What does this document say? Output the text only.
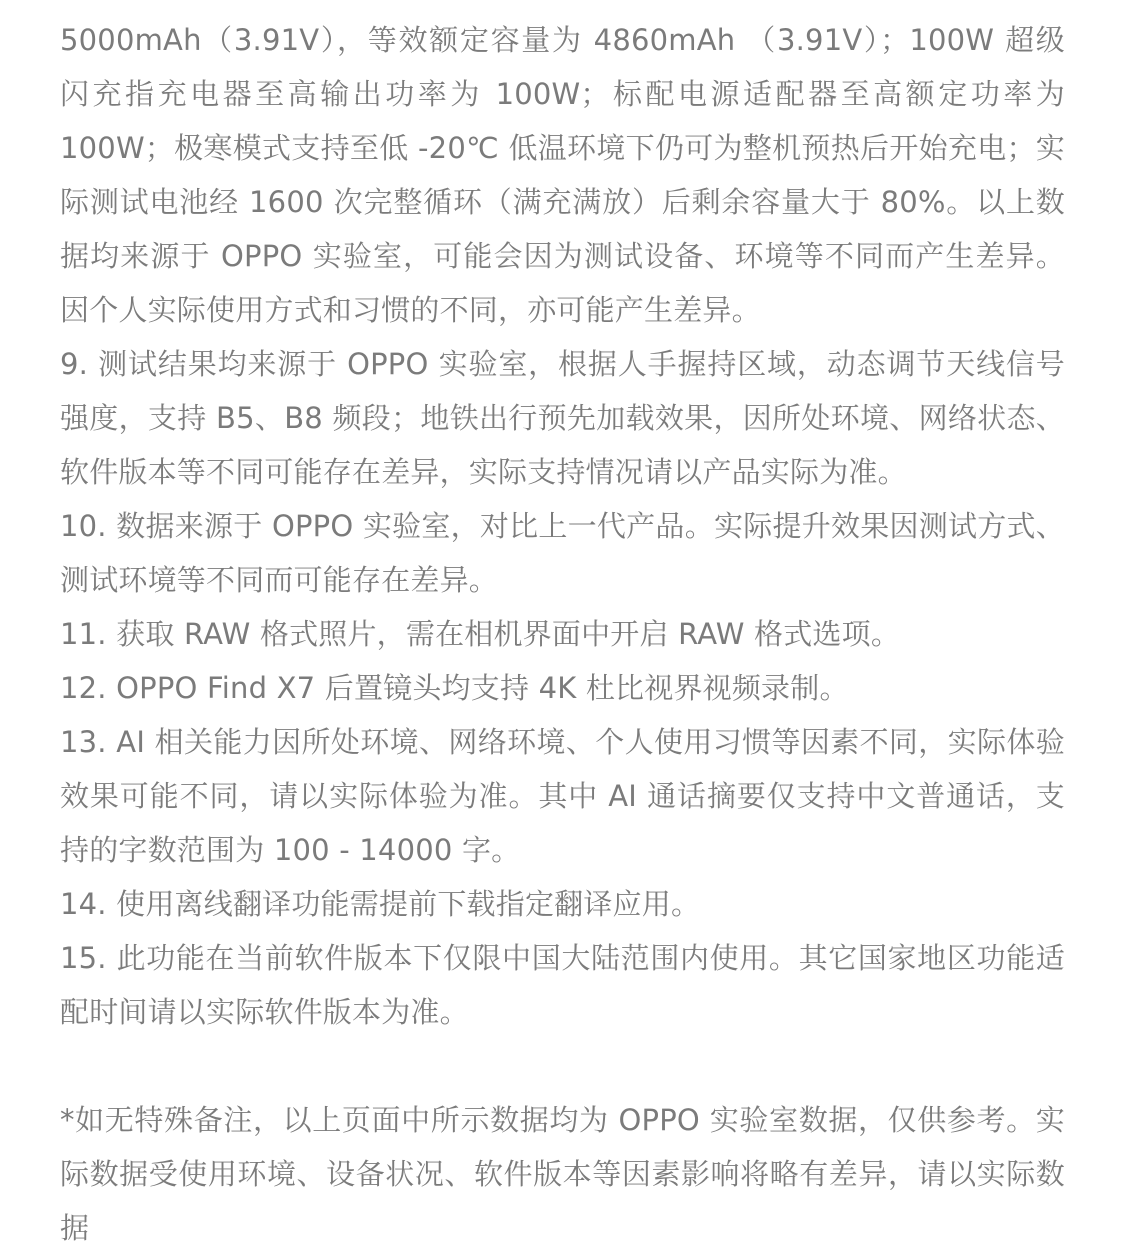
5000mAh（3.91V），等效额定容量为 4860mAh （3.91V）；100W 超级闪充指充电器至高输出功率为 100W；标配电源适配器至高额定功率为 100W；极寒模式支持至低 -20℃ 低温环境下仍可为整机预热后开始充电；实际测试电池经 1600 次完整循环（满充满放）后剩余容量大于 80%。以上数据均来源于 OPPO 实验室，可能会因为测试设备、环境等不同而产生差异。因个人实际使用方式和习惯的不同，亦可能产生差异。

9. 测试结果均来源于 OPPO 实验室，根据人手握持区域，动态调节天线信号强度，支持 B5、B8 频段；地铁出行预先加载效果，因所处环境、网络状态、软件版本等不同可能存在差异，实际支持情况请以产品实际为准。

10. 数据来源于 OPPO 实验室，对比上一代产品。实际提升效果因测试方式、测试环境等不同而可能存在差异。

11. 获取 RAW 格式照片，需在相机界面中开启 RAW 格式选项。

12. OPPO Find X7 后置镜头均支持 4K 杜比视界视频录制。

13. AI 相关能力因所处环境、网络环境、个人使用习惯等因素不同，实际体验效果可能不同，请以实际体验为准。其中 AI 通话摘要仅支持中文普通话，支持的字数范围为 100 - 14000 字。

14. 使用离线翻译功能需提前下载指定翻译应用。

15. 此功能在当前软件版本下仅限中国大陆范围内使用。其它国家地区功能适配时间请以实际软件版本为准。

*如无特殊备注，以上页面中所示数据均为 OPPO 实验室数据，仅供参考。实际数据受使用环境、设备状况、软件版本等因素影响将略有差异，请以实际数据
